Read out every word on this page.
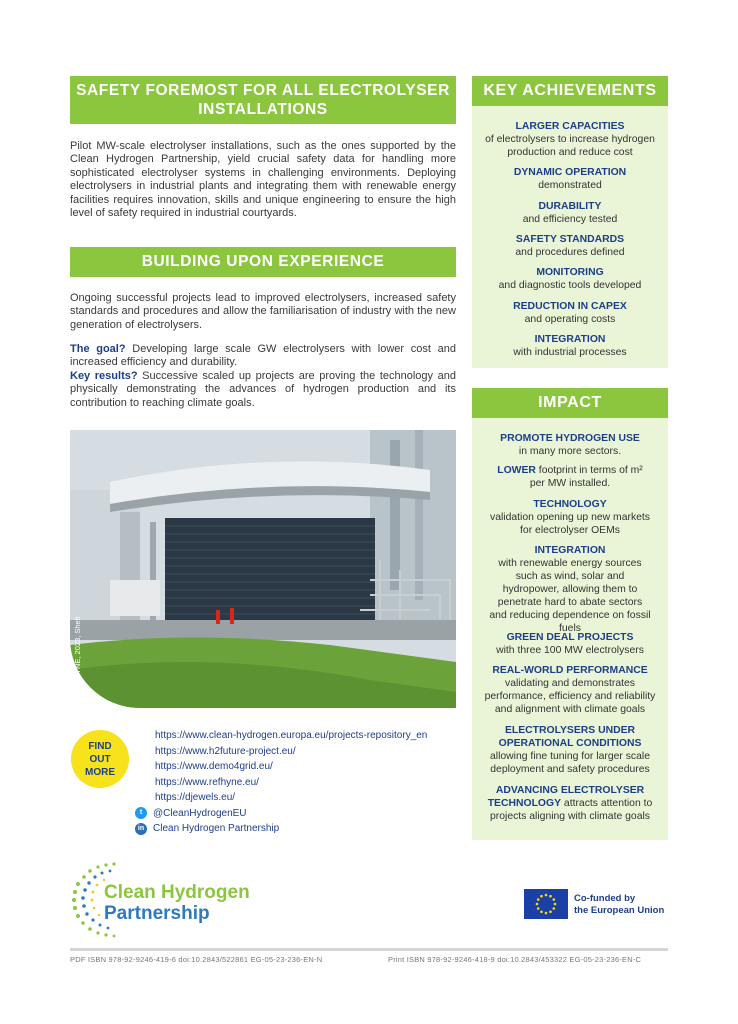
SAFETY FOREMOST FOR ALL ELECTROLYSER
INSTALLATIONS
Pilot MW-scale electrolyser installations, such as the ones supported by the Clean Hydrogen Partnership, yield crucial safety data for handling more sophisticated electrolyser systems in challenging environments. Deploying electrolysers in industrial plants and integrating them with renewable energy facilities requires innovation, skills and unique engineering to ensure the high level of safety required in industrial courtyards.
BUILDING UPON EXPERIENCE
Ongoing successful projects lead to improved electrolysers, increased safety standards and procedures and allow the familiarisation of industry with the new generation of electrolysers.
The goal? Developing large scale GW electrolysers with lower cost and increased efficiency and durability.
Key results? Successive scaled up projects are proving the technology and physically demonstrating the advances of hydrogen production and its contribution to reaching climate goals.
©REFHYNE, 2023, Shell
FIND
OUT
MORE
https://www.clean-hydrogen.europa.eu/projects-repository_en
https://www.h2future-project.eu/
https://www.demo4grid.eu/
https://www.refhyne.eu/
https://djewels.eu/
t	@CleanHydrogenEU
in Clean Hydrogen Partnership
KEY ACHIEVEMENTS
LARGER CAPACITIES
of electrolysers to increase hydrogen production and reduce cost
DYNAMIC OPERATION
demonstrated
DURABILITY
and efficiency tested
SAFETY STANDARDS
and procedures defined
MONITORING
and diagnostic tools developed
REDUCTION IN CAPEX
and operating costs
INTEGRATION
with industrial processes
IMPACT
PROMOTE HYDROGEN USE
in many more sectors.
LOWER footprint in terms of m² per MW installed.
TECHNOLOGY
validation opening up new markets for electrolyser OEMs
INTEGRATION
with renewable energy sources such as wind, solar and hydropower, allowing them to penetrate hard to abate sectors and reducing dependence on fossil fuels
GREEN DEAL PROJECTS
with three 100 MW electrolysers
REAL-WORLD PERFORMANCE
validating and demonstrates performance, efficiency and reliability and alignment with climate goals
ELECTROLYSERS UNDER OPERATIONAL CONDITIONS
allowing fine tuning for larger scale deployment and safety procedures
ADVANCING ELECTROLYSER TECHNOLOGY attracts attention to projects aligning with climate goals
Clean Hydrogen
Partnership
Co-funded by
the European Union
PDF ISBN 978-92-9246-419-6 doi:10.2843/522861 EG-05-23-236-EN-N	Print ISBN 978-92-9246-418-9 doi:10.2843/453322 EG-05-23-236-EN-C
